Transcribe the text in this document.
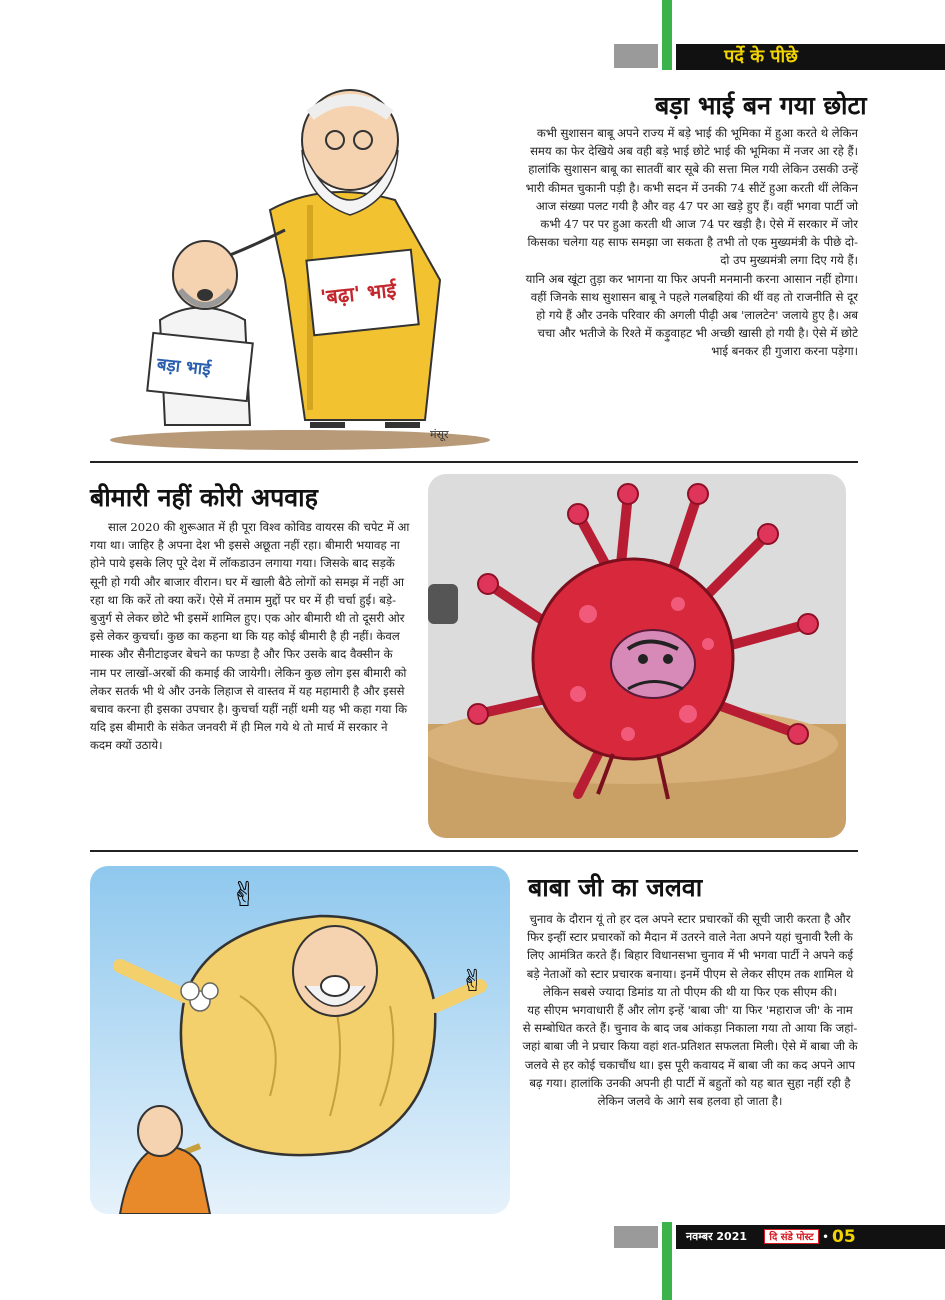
पर्दे के पीछे
'बढ़ा' भाई
बड़ा भाई
मंसूर
बड़ा भाई बन गया छोटा

कभी सुशासन बाबू अपने राज्य में बड़े भाई की भूमिका में हुआ करते थे लेकिन समय का फेर देखिये अब वही बड़े भाई छोटे भाई की भूमिका में नजर आ रहे हैं। हालांकि सुशासन बाबू का सातवीं बार सूबे की सत्ता मिल गयी लेकिन उसकी उन्हें भारी कीमत चुकानी पड़ी है। कभी सदन में उनकी 74 सीटें हुआ करती थीं लेकिन आज संख्या पलट गयी है और वह 47 पर आ खड़े हुए हैं। वहीं भगवा पार्टी जो कभी 47 पर पर हुआ करती थी आज 74 पर खड़ी है। ऐसे में सरकार में जोर किसका चलेगा यह साफ समझा जा सकता है तभी तो एक मुख्यमंत्री के पीछे दो-दो उप मुख्यमंत्री लगा दिए गये हैं।

यानि अब खूंटा तुड़ा कर भागना या फिर अपनी मनमानी करना आसान नहीं होगा। वहीं जिनके साथ सुशासन बाबू ने पहले गलबहियां की थीं वह तो राजनीति से दूर हो गये हैं और उनके परिवार की अगली पीढ़ी अब 'लालटेन' जलाये हुए है। अब चचा और भतीजे के रिश्ते में कड़ुवाहट भी अच्छी खासी हो गयी है। ऐसे में छोटे भाई बनकर ही गुजारा करना पड़ेगा।

बीमारी नहीं कोरी अपवाह

साल 2020 की शुरूआत में ही पूरा विश्व कोविड वायरस की चपेट में आ गया था। जाहिर है अपना देश भी इससे अछूता नहीं रहा। बीमारी भयावह ना होने पाये इसके लिए पूरे देश में लॉकडाउन लगाया गया। जिसके बाद सड़कें सूनी हो गयी और बाजार वीरान। घर में खाली बैठे लोगों को समझ में नहीं आ रहा था कि करें तो क्या करें। ऐसे में तमाम मुद्दों पर घर में ही चर्चा हुई। बड़े-बुजुर्ग से लेकर छोटे भी इसमें शामिल हुए। एक ओर बीमारी थी तो दूसरी ओर इसे लेकर कुचर्चा। कुछ का कहना था कि यह कोई बीमारी है ही नहीं। केवल मास्क और सैनीटाइजर बेचने का फण्डा है और फिर उसके बाद वैक्सीन के नाम पर लाखों-अरबों की कमाई की जायेगी। लेकिन कुछ लोग इस बीमारी को लेकर सतर्क भी थे और उनके लिहाज से वास्तव में यह महामारी है और इससे बचाव करना ही इसका उपचार है। कुचर्चा यहीं नहीं थमी यह भी कहा गया कि यदि इस बीमारी के संकेत जनवरी में ही मिल गये थे तो मार्च में सरकार ने कदम क्यों उठाये।

✌
✌
बाबा जी का जलवा

चुनाव के दौरान यूं तो हर दल अपने स्टार प्रचारकों की सूची जारी करता है और फिर इन्हीं स्टार प्रचारकों को मैदान में उतरने वाले नेता अपने यहां चुनावी रैली के लिए आमंत्रित करते हैं। बिहार विधानसभा चुनाव में भी भगवा पार्टी ने अपने कई बड़े नेताओं को स्टार प्रचारक बनाया। इनमें पीएम से लेकर सीएम तक शामिल थे लेकिन सबसे ज्यादा डिमांड या तो पीएम की थी या फिर एक सीएम की।

यह सीएम भगवाधारी हैं और लोग इन्हें 'बाबा जी' या फिर 'महाराज जी' के नाम से सम्बोधित करते हैं। चुनाव के बाद जब आंकड़ा निकाला गया तो आया कि जहां-जहां बाबा जी ने प्रचार किया वहां शत-प्रतिशत सफलता मिली। ऐसे में बाबा जी के जलवे से हर कोई चकाचौंध था। इस पूरी कवायद में बाबा जी का कद अपने आप बढ़ गया। हालांकि उनकी अपनी ही पार्टी में बहुतों को यह बात सुहा नहीं रही है लेकिन जलवे के आगे सब हलवा हो जाता है।

नवम्बर 2021	दि संडे पोस्ट • 05
